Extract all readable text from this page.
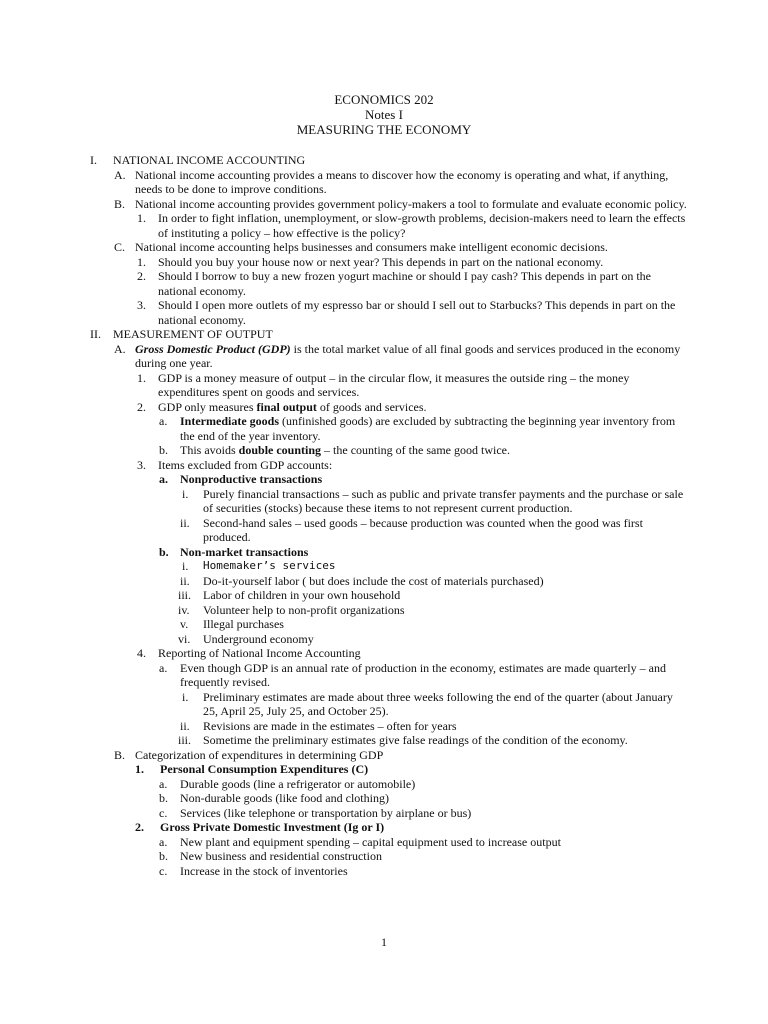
ECONOMICS 202
Notes I
MEASURING THE ECONOMY
I. NATIONAL INCOME ACCOUNTING
A. National income accounting provides a means to discover how the economy is operating and what, if anything, needs to be done to improve conditions.
B. National income accounting provides government policy-makers a tool to formulate and evaluate economic policy.
1. In order to fight inflation, unemployment, or slow-growth problems, decision-makers need to learn the effects of instituting a policy – how effective is the policy?
C. National income accounting helps businesses and consumers make intelligent economic decisions.
1. Should you buy your house now or next year? This depends in part on the national economy.
2. Should I borrow to buy a new frozen yogurt machine or should I pay cash? This depends in part on the national economy.
3. Should I open more outlets of my espresso bar or should I sell out to Starbucks? This depends in part on the national economy.
II. MEASUREMENT OF OUTPUT
A. Gross Domestic Product (GDP) is the total market value of all final goods and services produced in the economy during one year.
1. GDP is a money measure of output – in the circular flow, it measures the outside ring – the money expenditures spent on goods and services.
2. GDP only measures final output of goods and services.
a. Intermediate goods (unfinished goods) are excluded by subtracting the beginning year inventory from the end of the year inventory.
b. This avoids double counting – the counting of the same good twice.
3. Items excluded from GDP accounts:
a. Nonproductive transactions
i. Purely financial transactions – such as public and private transfer payments and the purchase or sale of securities (stocks) because these items to not represent current production.
ii. Second-hand sales – used goods – because production was counted when the good was first produced.
b. Non-market transactions
i. Homemaker’s services
ii. Do-it-yourself labor ( but does include the cost of materials purchased)
iii. Labor of children in your own household
iv. Volunteer help to non-profit organizations
v. Illegal purchases
vi. Underground economy
4. Reporting of National Income Accounting
a. Even though GDP is an annual rate of production in the economy, estimates are made quarterly – and frequently revised.
i. Preliminary estimates are made about three weeks following the end of the quarter (about January 25, April 25, July 25, and October 25).
ii. Revisions are made in the estimates – often for years
iii. Sometime the preliminary estimates give false readings of the condition of the economy.
B. Categorization of expenditures in determining GDP
1. Personal Consumption Expenditures (C)
a. Durable goods (line a refrigerator or automobile)
b. Non-durable goods (like food and clothing)
c. Services (like telephone or transportation by airplane or bus)
2. Gross Private Domestic Investment (Ig or I)
a. New plant and equipment spending – capital equipment used to increase output
b. New business and residential construction
c. Increase in the stock of inventories
1
